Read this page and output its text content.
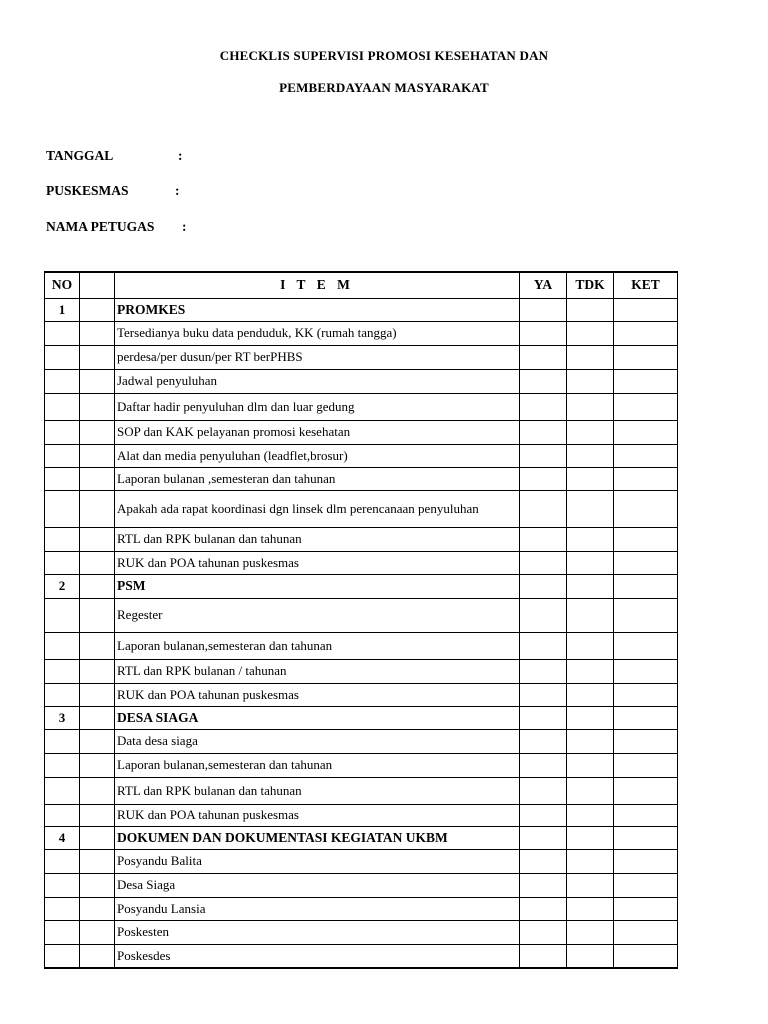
CHECKLIS SUPERVISI PROMOSI KESEHATAN DAN
PEMBERDAYAAN MASYARAKAT
TANGGAL	:
PUSKESMAS	:
NAMA PETUGAS :
NO		I T E M	YA	TDK	KET
1		PROMKES			
		Tersedianya buku data penduduk, KK (rumah tangga)			
		perdesa/per dusun/per RT berPHBS			
		Jadwal penyuluhan			
		Daftar hadir penyuluhan dlm dan luar gedung			
		SOP dan KAK pelayanan promosi kesehatan			
		Alat dan media penyuluhan (leadflet,brosur)			
		Laporan bulanan ,semesteran dan tahunan			
		Apakah ada rapat koordinasi dgn linsek dlm perencanaan penyuluhan			
		RTL dan RPK bulanan dan tahunan			
		RUK dan POA tahunan puskesmas			
2		PSM			
		Regester			
		Laporan bulanan,semesteran dan tahunan			
		RTL dan RPK bulanan / tahunan			
		RUK dan POA tahunan puskesmas			
3		DESA SIAGA			
		Data desa siaga			
		Laporan bulanan,semesteran dan tahunan			
		RTL dan RPK bulanan dan tahunan			
		RUK dan POA tahunan puskesmas			
4		DOKUMEN DAN DOKUMENTASI KEGIATAN UKBM			
		Posyandu Balita			
		Desa Siaga			
		Posyandu Lansia			
		Poskesten			
		Poskesdes			
